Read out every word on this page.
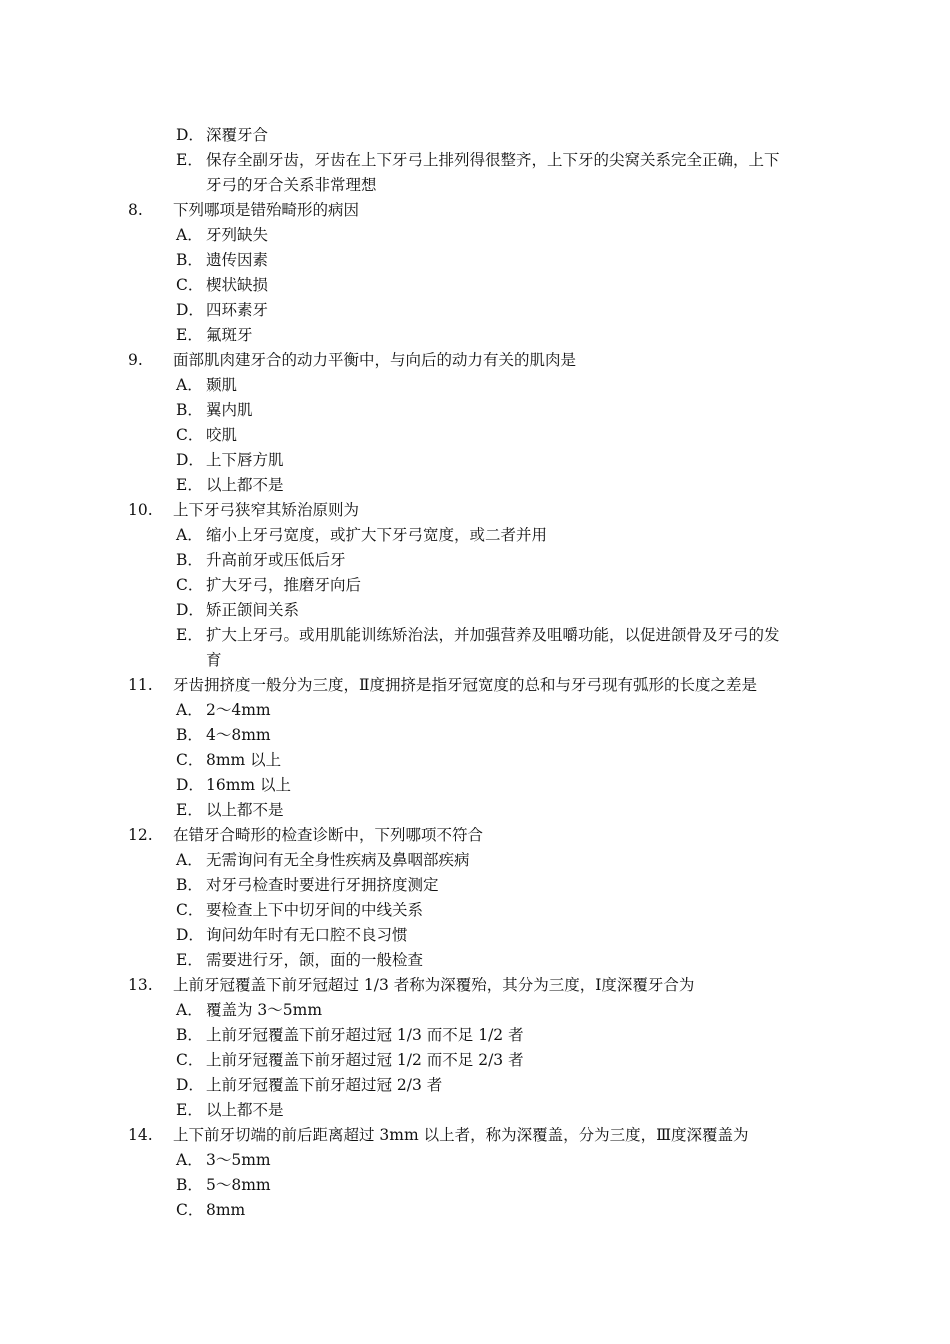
D． 深覆牙合
E． 保存全副牙齿，牙齿在上下牙弓上排列得很整齐，上下牙的尖窝关系完全正确，上下
牙弓的牙合关系非常理想
8. 下列哪项是错殆畸形的病因
A． 牙列缺失
B． 遗传因素
C． 楔状缺损
D． 四环素牙
E． 氟斑牙
9. 面部肌肉建牙合的动力平衡中，与向后的动力有关的肌肉是
A． 颞肌
B． 翼内肌
C． 咬肌
D． 上下唇方肌
E． 以上都不是
10. 上下牙弓狭窄其矫治原则为
A． 缩小上牙弓宽度，或扩大下牙弓宽度，或二者并用
B． 升高前牙或压低后牙
C． 扩大牙弓，推磨牙向后
D． 矫正颌间关系
E． 扩大上牙弓。或用肌能训练矫治法，并加强营养及咀嚼功能，以促进颌骨及牙弓的发
育
11. 牙齿拥挤度一般分为三度，Ⅱ度拥挤是指牙冠宽度的总和与牙弓现有弧形的长度之差是
A． 2～4mm
B． 4～8mm
C． 8mm 以上
D． 16mm 以上
E． 以上都不是
12. 在错牙合畸形的检查诊断中，下列哪项不符合
A． 无需询问有无全身性疾病及鼻咽部疾病
B． 对牙弓检查时要进行牙拥挤度测定
C． 要检查上下中切牙间的中线关系
D． 询问幼年时有无口腔不良习惯
E． 需要进行牙，颌，面的一般检查
13. 上前牙冠覆盖下前牙冠超过 1/3 者称为深覆殆，其分为三度，Ⅰ度深覆牙合为
A． 覆盖为 3～5mm
B． 上前牙冠覆盖下前牙超过冠 1/3 而不足 1/2 者
C． 上前牙冠覆盖下前牙超过冠 1/2 而不足 2/3 者
D． 上前牙冠覆盖下前牙超过冠 2/3 者
E． 以上都不是
14. 上下前牙切端的前后距离超过 3mm 以上者，称为深覆盖，分为三度，Ⅲ度深覆盖为
A． 3～5mm
B． 5～8mm
C． 8mm
